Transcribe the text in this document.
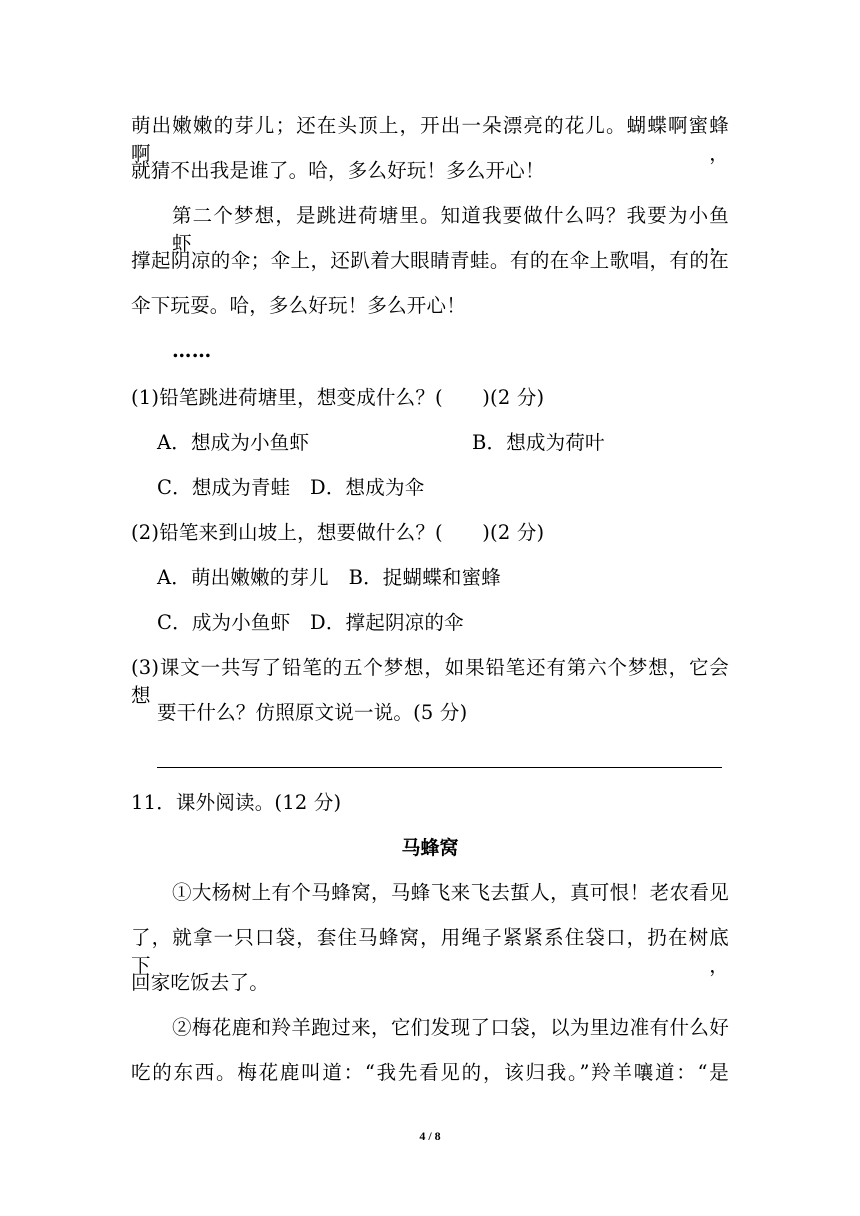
萌出嫩嫩的芽儿；还在头顶上，开出一朵漂亮的花儿。蝴蝶啊蜜蜂啊，
就猜不出我是谁了。哈，多么好玩！多么开心！
第二个梦想，是跳进荷塘里。知道我要做什么吗？我要为小鱼虾，
撑起阴凉的伞；伞上，还趴着大眼睛青蛙。有的在伞上歌唱，有的在
伞下玩耍。哈，多么好玩！多么开心！
……
(1)铅笔跳进荷塘里，想变成什么？(　　)(2 分)
A．想成为小鱼虾	B．想成为荷叶
C．想成为青蛙　D．想成为伞
(2)铅笔来到山坡上，想要做什么？(　　)(2 分)
A．萌出嫩嫩的芽儿　B．捉蝴蝶和蜜蜂
C．成为小鱼虾　D．撑起阴凉的伞
(3)课文一共写了铅笔的五个梦想，如果铅笔还有第六个梦想，它会想
要干什么？仿照原文说一说。(5 分)
11．课外阅读。(12 分)
马蜂窝
①大杨树上有个马蜂窝，马蜂飞来飞去蜇人，真可恨！老农看见
了，就拿一只口袋，套住马蜂窝，用绳子紧紧系住袋口，扔在树底下，
回家吃饭去了。
②梅花鹿和羚羊跑过来，它们发现了口袋，以为里边准有什么好
吃的东西。梅花鹿叫道：“我先看见的，该归我。”羚羊嚷道：“是
4 / 8
